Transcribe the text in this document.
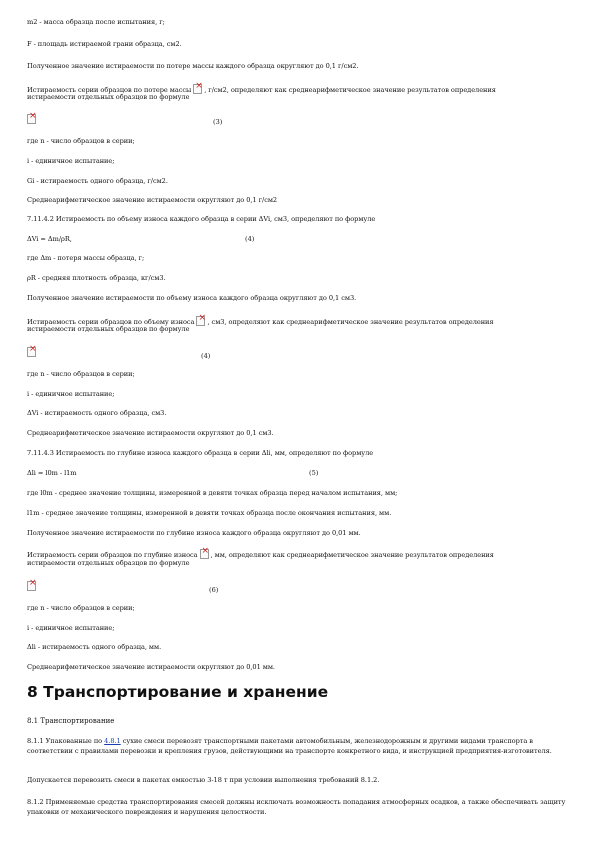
m2 - масса образца после испытания, г;
F - площадь истираемой грани образца, см2.
Полученное значение истираемости по потере массы каждого образца округляют до 0,1 г/см2.
Истираемость серии образцов по потере массы × , г/см2, определяют как среднеарифметическое значение результатов определения
истираемости отдельных образцов по формуле
×
(3)
где n - число образцов в серии;
i - единичное испытание;
Gi - истираемость одного образца, г/см2.
Среднеарифметическое значение истираемости округляют до 0,1 г/см2
7.11.4.2 Истираемость по объему износа каждого образца в серии ΔVi, см3, определяют по формуле
ΔVi = Δm/ρR,	(4)
где Δm - потеря массы образца, г;
ρR - средняя плотность образца, кг/см3.
Полученное значение истираемости по объему износа каждого образца округляют до 0,1 см3.
Истираемость серии образцов по объему износа × , см3, определяют как среднеарифметическое значение результатов определения
истираемости отдельных образцов по формуле
×
(4)
где n - число образцов в серии;
i - единичное испытание;
ΔVi - истираемость одного образца, см3.
Среднеарифметическое значение истираемости округляют до 0,1 см3.
7.11.4.3 Истираемость по глубине износа каждого образца в серии Δli, мм, определяют по формуле
Δli = l0m - l1m	(5)
где l0m - среднее значение толщины, измеренной в девяти точках образца перед началом испытания, мм;
l1m - среднее значение толщины, измеренной в девяти точках образца после окончания испытания, мм.
Полученное значение истираемости по глубине износа каждого образца округляют до 0,01 мм.
Истираемость серии образцов по глубине износа × , мм, определяют как среднеарифметическое значение результатов определения
истираемости отдельных образцов по формуле
×
(6)
где n - число образцов в серии;
i - единичное испытание;
Δli - истираемость одного образца, мм.
Среднеарифметическое значение истираемости округляют до 0,01 мм.
8 Транспортирование и хранение
8.1 Транспортирование
8.1.1 Упакованные по 4.8.1 сухие смеси перевозят транспортными пакетами автомобильным, железнодорожным и другими видами транспорта в соответствии с правилами перевозки и крепления грузов, действующими на транспорте конкретного вида, и инструкцией предприятия-изготовителя.
Допускается перевозить смеси в пакетах емкостью 3-18 т при условии выполнения требований 8.1.2.
8.1.2 Применяемые средства транспортирования смесей должны исключать возможность попадания атмосферных осадков, а также обеспечивать защиту упаковки от механического повреждения и нарушения целостности.
